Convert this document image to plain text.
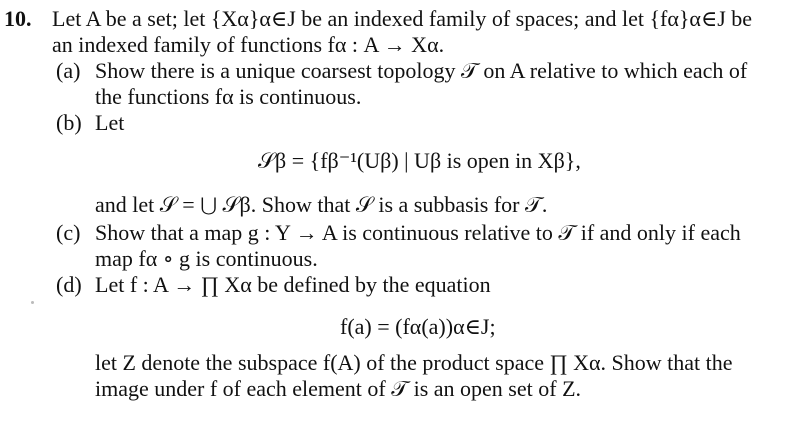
10. Let A be a set; let {Xα}α∈J be an indexed family of spaces; and let {fα}α∈J be
an indexed family of functions fα : A → Xα.
(a) Show there is a unique coarsest topology 𝒯 on A relative to which each of
the functions fα is continuous.
(b) Let
𝒮β = {fβ⁻¹(Uβ) | Uβ is open in Xβ},
and let 𝒮 = ⋃ 𝒮β. Show that 𝒮 is a subbasis for 𝒯.
(c) Show that a map g : Y → A is continuous relative to 𝒯 if and only if each
map fα ∘ g is continuous.
(d) Let f : A → ∏ Xα be defined by the equation
f(a) = (fα(a))α∈J;
let Z denote the subspace f(A) of the product space ∏ Xα. Show that the
image under f of each element of 𝒯 is an open set of Z.
